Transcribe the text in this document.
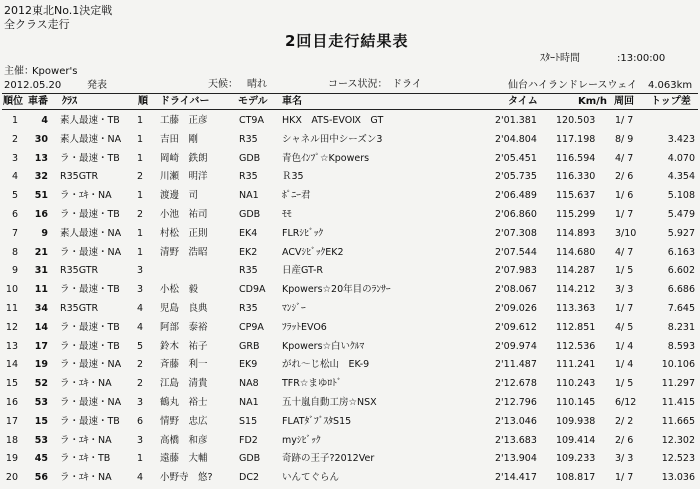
2012東北No.1決定戦
全クラス走行
2回目走行結果表
ｽﾀｰﾄ時間	:13:00:00
主催：
Kpower's
2012.05.20	発表	天候： 晴れ	コース状況： ドライ	仙台ハイランドレースウェイ 4.063km
順位 車番 ｸﾗｽ	順 ドライバー	モデル 車名	タイム	Km/h 周回 トップ差
1	4 素人最速・TB 1 工藤　正彦	CT9A HKX　ATS-EVOⅨ　GT	2'01.381 120.503 1/ 7
2	30 素人最速・NA 1 吉田　剛	R35	シャネル田中シーズン3	2'04.804 117.198 8/ 9	3.423
3	13 ラ・最速・TB 1 岡崎　鉄朗	GDB 青色ｲﾝﾌﾟ☆Kpowers	2'05.451 116.594 4/ 7	4.070
4	32 R35GTR	2 川瀬　明洋	R35	Ｒ35	2'05.735 116.330 2/ 6	4.354
5	51 ラ・ｴｷ・NA	1 渡邊　司	NA1 ﾎﾟﾆｰ君	2'06.489 115.637 1/ 6	5.108
6	16 ラ・最速・TB 2 小池　祐司	GDB ﾓﾓ	2'06.860 115.299 1/ 7	5.479
7	9 素人最速・NA 1 村松　正則	EK4	FLRｼﾋﾞｯｸ	2'07.308 114.893 3/10	5.927
8	21 ラ・最速・NA 1 清野　浩昭	EK2	ACVｼﾋﾞｯｸEK2	2'07.544 114.680 4/ 7	6.163
9	31 R35GTR	3	R35	日産GT-R	2'07.983 114.287 1/ 5	6.602
10	11 ラ・最速・TB 3 小松　毅	CD9A Kpowers☆20年目のﾗﾝｻｰ	2'08.067 114.212 3/ 3	6.686
11	34 R35GTR	4 児島　良典	R35	ﾏﾝｼﾞｰ	2'09.026 113.363 1/ 7	7.645
12	14 ラ・最速・TB 4 阿部　泰裕	CP9A ﾌﾗｯﾄEVO6	2'09.612 112.851 4/ 5	8.231
13	17 ラ・最速・TB 5 鈴木　祐子	GRB Kpowers☆白いｸﾙﾏ	2'09.974 112.536 1/ 4	8.593
14	19 ラ・最速・NA 2 斉藤　利一	EK9	がれ～じ松山　EK-9	2'11.487 111.241 1/ 4	10.106
15	52 ラ・ｴｷ・NA	2 江島　清貴	NA8 TFR☆まゆﾛﾄﾞ	2'12.678 110.243 1/ 5	11.297
16	53 ラ・最速・NA 3 鶴丸　裕士	NA1 五十嵐自動工房☆NSX	2'12.796 110.145 6/12	11.415
17	15 ラ・最速・TB 6 情野　忠広	S15	FLATﾀﾞﾌﾞｽﾀS15	2'13.046 109.938 2/ 2	11.665
18	53 ラ・ｴｷ・NA	3 高橋　和彦	FD2	myｼﾋﾞｯｸ	2'13.683 109.414 2/ 6	12.302
19	45 ラ・ｴｷ・TB	1 遠藤　大輔	GDB 奇跡の王子?2012Ver	2'13.904 109.233 3/ 3	12.523
20	56 ラ・ｴｷ・NA	4 小野寺　悠?	DC2 いんてぐらん	2'14.417 108.817 1/ 7	13.036
